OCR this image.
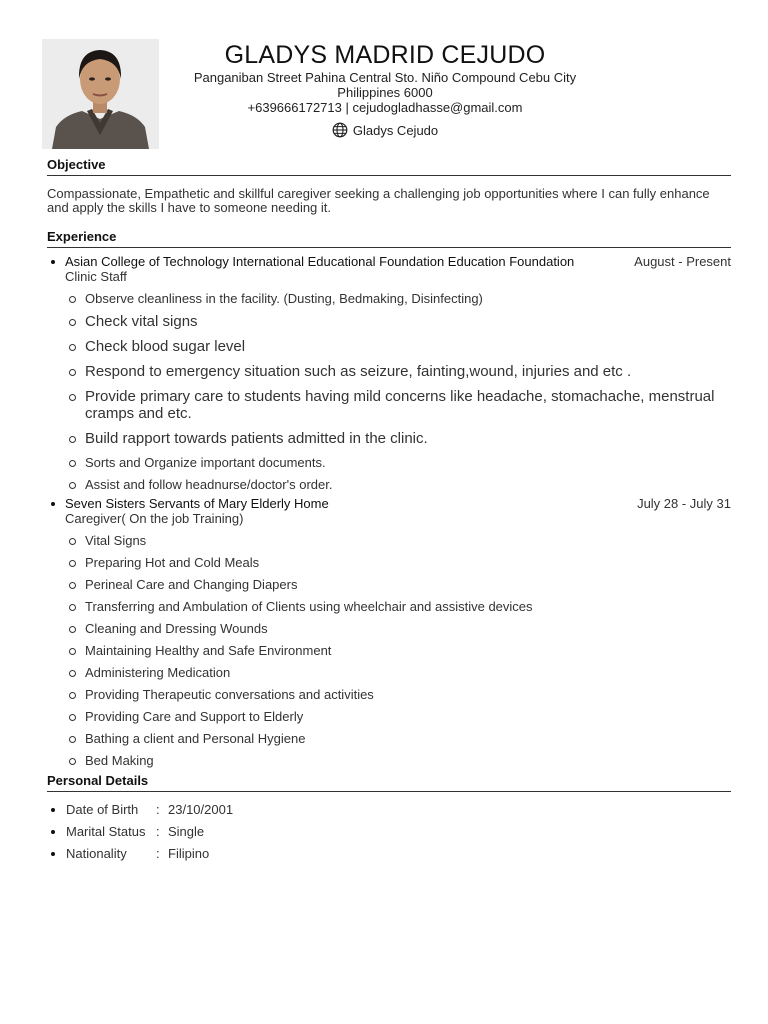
GLADYS MADRID CEJUDO
Panganiban Street Pahina Central Sto. Niño Compound Cebu City
Philippines 6000
+639666172713 | cejudogladhasse@gmail.com
Gladys Cejudo
Objective
Compassionate, Empathetic and skillful caregiver seeking a challenging job opportunities where I can fully enhance and apply the skills I have to someone needing it.
Experience
Asian College of Technology International Educational Foundation Education Foundation	August - Present
Clinic Staff
Observe cleanliness in the facility. (Dusting, Bedmaking, Disinfecting)
Check vital signs
Check blood sugar level
Respond to emergency situation such as seizure, fainting,wound, injuries and etc .
Provide primary care to students having mild concerns like headache, stomachache, menstrual cramps and etc.
Build rapport towards patients admitted in the clinic.
Sorts and Organize important documents.
Assist and follow headnurse/doctor's order.
Seven Sisters Servants of Mary Elderly Home	July 28 - July 31
Caregiver( On the job Training)
Vital Signs
Preparing Hot and Cold Meals
Perineal Care and Changing Diapers
Transferring and Ambulation of Clients using wheelchair and assistive devices
Cleaning and Dressing Wounds
Maintaining Healthy and Safe Environment
Administering Medication
Providing Therapeutic conversations and activities
Providing Care and Support to Elderly
Bathing a client and Personal Hygiene
Bed Making
Personal Details
Date of Birth	: 23/10/2001
Marital Status : Single
Nationality	: Filipino
